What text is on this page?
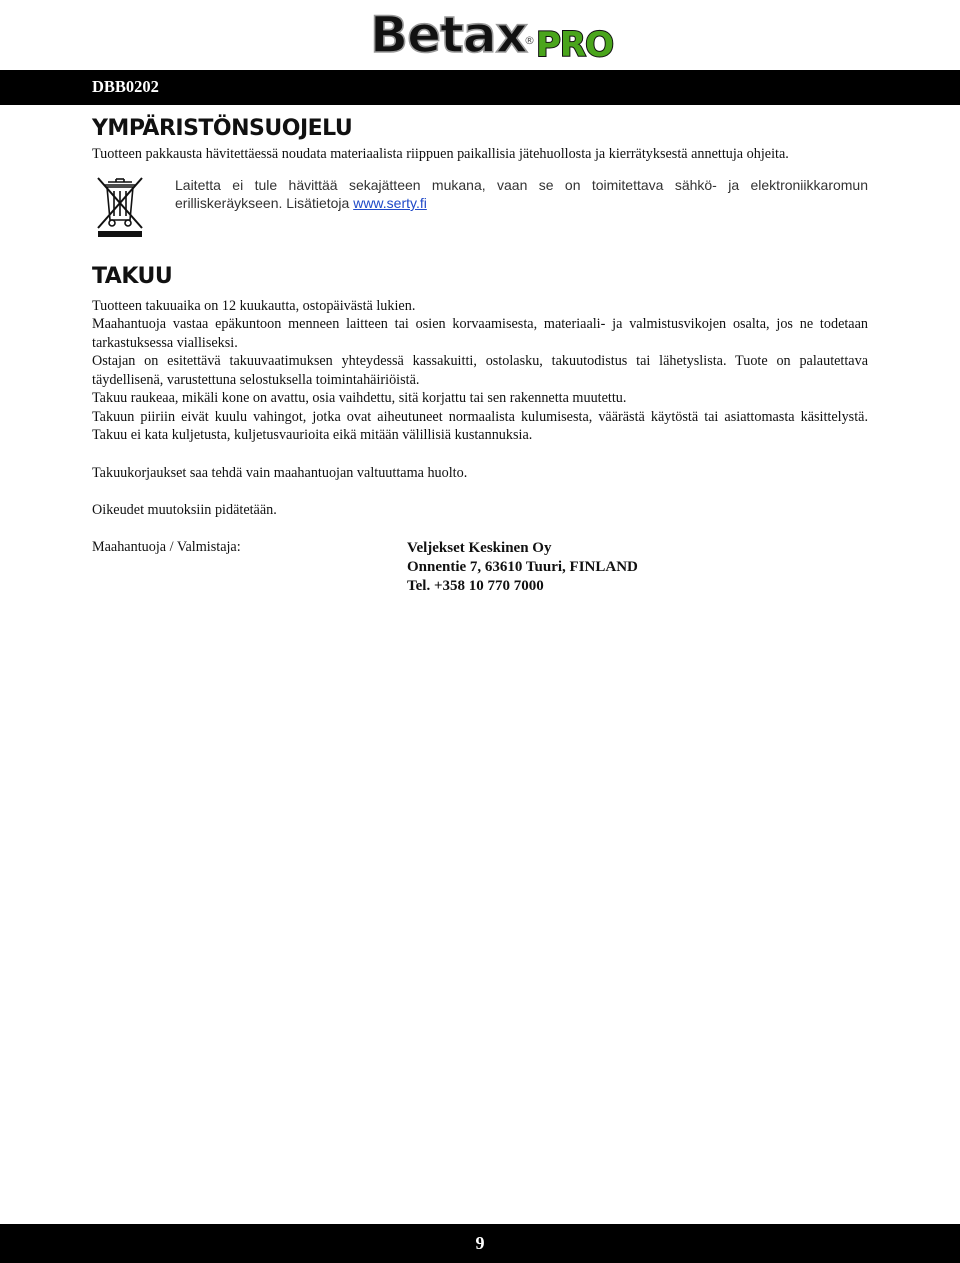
Betax
® PRO
DBB0202
YMPÄRISTÖNSUOJELU

Tuotteen pakkausta hävitettäessä noudata materiaalista riippuen paikallisia jätehuollosta ja kierrätyksestä annettuja ohjeita.

Laitetta ei tule hävittää sekajätteen mukana, vaan se on toimitettava sähkö- ja elektroniikkaromun erilliskeräykseen. Lisätietoja www.serty.fi
TAKUU

Tuotteen takuuaika on 12 kuukautta, ostopäivästä lukien.

Maahantuoja vastaa epäkuntoon menneen laitteen tai osien korvaamisesta, materiaali- ja valmistusvikojen osalta, jos ne todetaan tarkastuksessa vialliseksi.

Ostajan on esitettävä takuuvaatimuksen yhteydessä kassakuitti, ostolasku, takuutodistus tai lähetyslista. Tuote on palautettava täydellisenä, varustettuna selostuksella toimintahäiriöistä.

Takuu raukeaa, mikäli kone on avattu, osia vaihdettu, sitä korjattu tai sen rakennetta muutettu.

Takuun piiriin eivät kuulu vahingot, jotka ovat aiheutuneet normaalista kulumisesta, väärästä käytöstä tai asiattomasta käsittelystä. Takuu ei kata kuljetusta, kuljetusvaurioita eikä mitään välillisiä kustannuksia.

Takuukorjaukset saa tehdä vain maahantuojan valtuuttama huolto.

Oikeudet muutoksiin pidätetään.

Maahantuoja / Valmistaja:	Veljekset Keskinen Oy
Onnentie 7, 63610 Tuuri, FINLAND
Tel. +358 10 770 7000
9
